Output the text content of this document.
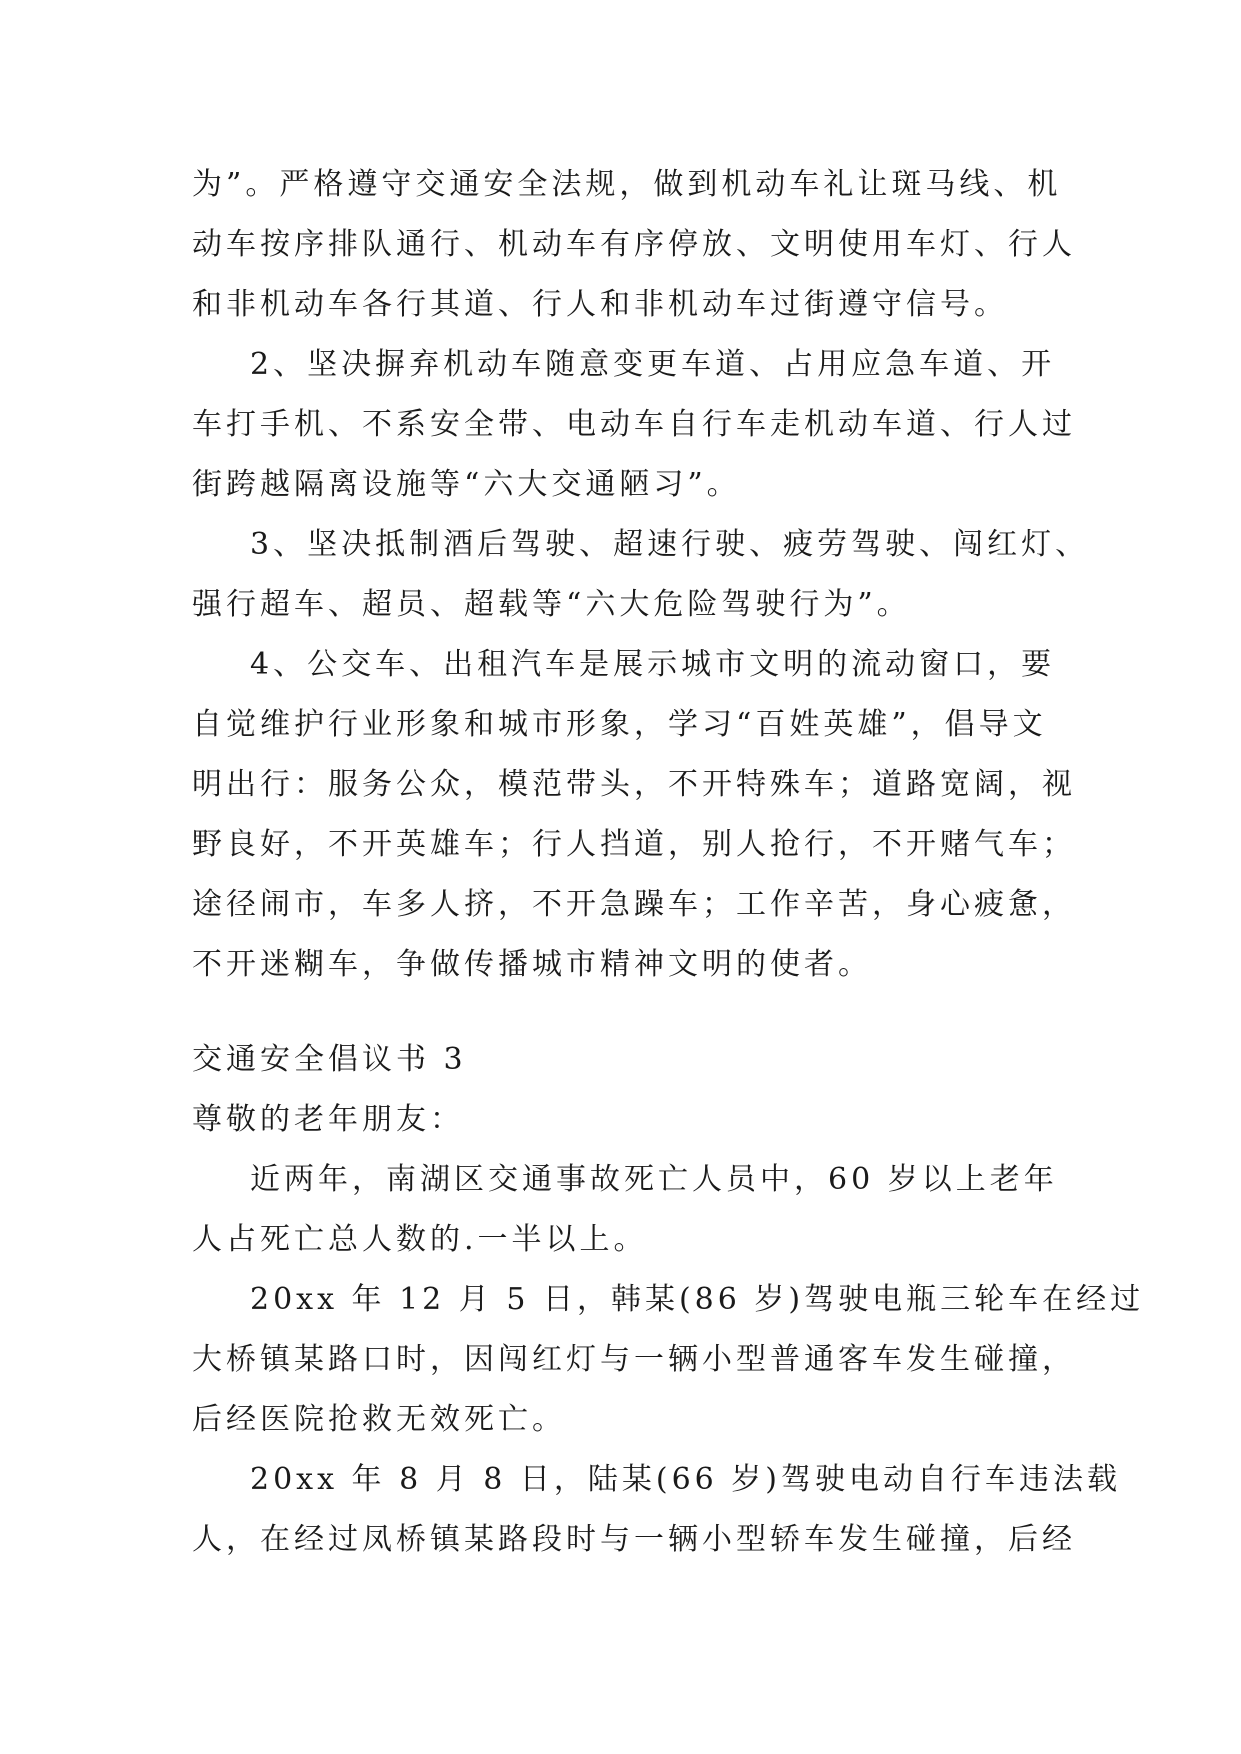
为”。严格遵守交通安全法规，做到机动车礼让斑马线、机

动车按序排队通行、机动车有序停放、文明使用车灯、行人

和非机动车各行其道、行人和非机动车过街遵守信号。

2、坚决摒弃机动车随意变更车道、占用应急车道、开

车打手机、不系安全带、电动车自行车走机动车道、行人过

街跨越隔离设施等“六大交通陋习”。

3、坚决抵制酒后驾驶、超速行驶、疲劳驾驶、闯红灯、

强行超车、超员、超载等“六大危险驾驶行为”。

4、公交车、出租汽车是展示城市文明的流动窗口，要

自觉维护行业形象和城市形象，学习“百姓英雄”，倡导文

明出行：服务公众，模范带头，不开特殊车；道路宽阔，视

野良好，不开英雄车；行人挡道，别人抢行，不开赌气车；

途径闹市，车多人挤，不开急躁车；工作辛苦，身心疲惫，

不开迷糊车，争做传播城市精神文明的使者。

交通安全倡议书 3

尊敬的老年朋友：

近两年，南湖区交通事故死亡人员中，60 岁以上老年

人占死亡总人数的.一半以上。

20xx 年 12 月 5 日，韩某(86 岁)驾驶电瓶三轮车在经过

大桥镇某路口时，因闯红灯与一辆小型普通客车发生碰撞，

后经医院抢救无效死亡。

20xx 年 8 月 8 日，陆某(66 岁)驾驶电动自行车违法载

人，在经过凤桥镇某路段时与一辆小型轿车发生碰撞，后经
